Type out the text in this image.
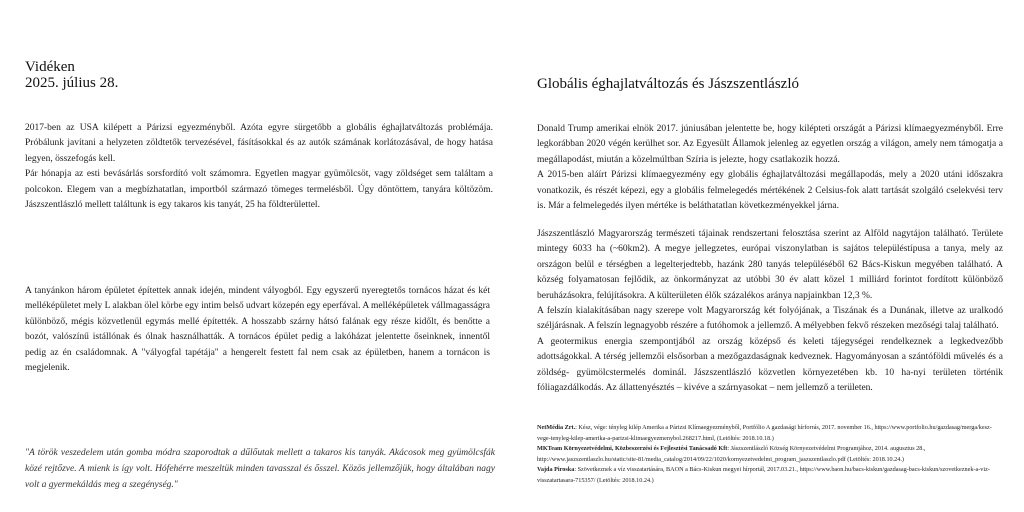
Vidéken
2025. július 28.

2017-ben az USA kilépett a Párizsi egyezményből. Azóta egyre sürgetőbb a globális éghajlatváltozás problémája. Próbálunk javítani a helyzeten zöldtetők tervezésével, fásításokkal és az autók számának korlátozásával, de hogy hatása legyen, összefogás kell.

Pár hónapja az esti bevásárlás sorsfordító volt számomra. Egyetlen magyar gyümölcsöt, vagy zöldséget sem találtam a polcokon. Elegem van a megbízhatatlan, importból származó tömeges termelésből. Úgy döntöttem, tanyára költözöm. Jászszentlászló mellett találtunk is egy takaros kis tanyát, 25 ha földterülettel.

A tanyánkon három épületet építettek annak idején, mindent vályogból. Egy egyszerű nyeregtetős tornácos házat és két melléképületet mely L alakban ölel körbe egy intim belső udvart közepén egy eperfával. A melléképületek vállmagasságra különböző, mégis közvetlenül egymás mellé építették. A hosszabb szárny hátsó falának egy része kidőlt, és benőtte a bozót, valószínű istállónak és ólnak használhatták. A tornácos épület pedig a lakóházat jelentette őseinknek, innentől pedig az én családomnak. A "vályogfal tapétája" a hengerelt festett fal nem csak az épületben, hanem a tornácon is megjelenik.

"A török veszedelem után gomba módra szaporodtak a dűlőutak mellett a takaros kis tanyák. Akácosok meg gyümölcsfák közé rejtőzve. A mienk is így volt. Hófehérre meszeltük minden tavasszal és ősszel. Közös jellemzőjük, hogy általában nagy volt a gyermekáldás meg a szegénység."
Globális éghajlatváltozás és Jászszentlászló

Donald Trump amerikai elnök 2017. júniusában jelentette be, hogy kilépteti országát a Párizsi klímaegyezményből. Erre legkorábban 2020 végén kerülhet sor. Az Egyesült Államok jelenleg az egyetlen ország a világon, amely nem támogatja a megállapodást, miután a közelmúltban Szíria is jelezte, hogy csatlakozik hozzá.

A 2015-ben aláírt Párizsi klímaegyezmény egy globális éghajlatváltozási megállapodás, mely a 2020 utáni időszakra vonatkozik, és részét képezi, egy a globális felmelegedés mértékének 2 Celsius-fok alatt tartását szolgáló cselekvési terv is. Már a felmelegedés ilyen mértéke is beláthatatlan következményekkel járna.

Jászszentlászló Magyarország természeti tájainak rendszertani felosztása szerint az Alföld nagytájon található. Területe mintegy 6033 ha (~60km2). A megye jellegzetes, európai viszonylatban is sajátos településtípusa a tanya, mely az országon belül e térségben a legelterjedtebb, hazánk 280 tanyás településéből 62 Bács-Kiskun megyében található. A község folyamatosan fejlődik, az önkormányzat az utóbbi 30 év alatt közel 1 milliárd forintot fordított különböző beruházásokra, felújításokra. A külterületen élők százalékos aránya napjainkban 12,3 %.

A felszín kialakításában nagy szerepe volt Magyarország két folyójának, a Tiszának és a Dunának, illetve az uralkodó széljárásnak. A felszín legnagyobb részére a futóhomok a jellemző. A mélyebben fekvő részeken mezőségi talaj található.

A geotermikus energia szempontjából az ország középső és keleti tájegységei rendelkeznek a legkedvezőbb adottságokkal. A térség jellemzői elsősorban a mezőgazdaságnak kedveznek. Hagyományosan a szántóföldi művelés és a zöldség- gyümölcstermelés dominál. Jászszentlászló közvetlen környezetében kb. 10 ha-nyi területen történik fóliagazdálkodás. Az állattenyésztés – kivéve a szárnyasokat – nem jellemző a területen.

NetMédia Zrt.: Kész, vége: tényleg kilép Amerika a Párizsi Klímaegyezményből, Portfólio A gazdasági hírforrás, 2017. november 16., https://www.portfolio.hu/gazdasag/merga/kesz-vege-tenyleg-kilep-amerika-a-parizsi-klimaegyezmenybol.268217.html, (Letöltés: 2018.10.18.)

MKTeam Környezetvédelmi, Közbeszerzési és Fejlesztési Tanácsadó Kft: Jászszentlászló Község Környezetvédelmi Programjához, 2014. augusztus 28., http://www.jaszszentlaszlo.hu/static/site-81/media_catalog/2014/09/22/1020/kornyezetvedelmi_program_jaszszentlaszlo.pdf (Letöltés: 2018.10.24.)

Vajda Piroska: Szövetkeznek a víz visszatartására, BAON a Bács-Kiskun megyei hírportál, 2017.03.21., https://www.baon.hu/bacs-kiskun/gazdasag-bacs-kiskun/szovetkeznek-a-viz-visszatartasara-715357/ (Letöltés: 2018.10.24.)
